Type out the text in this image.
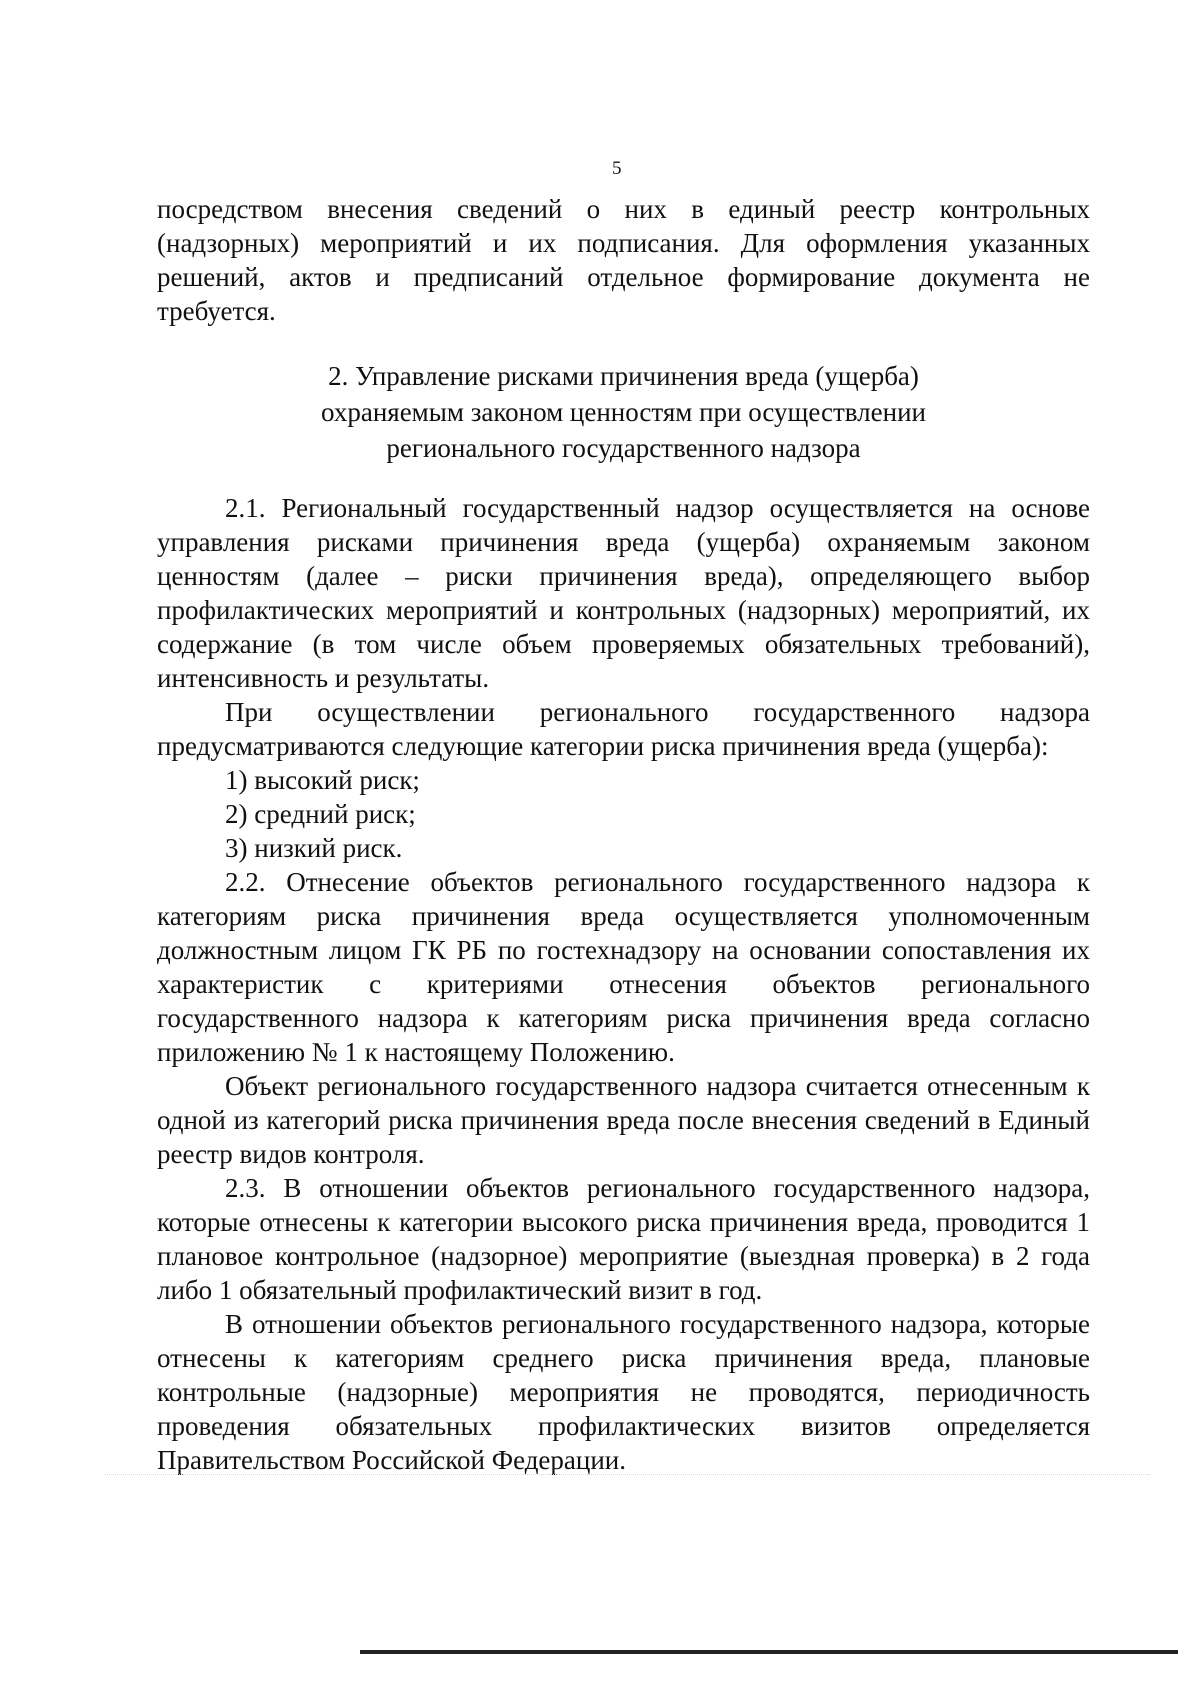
5

посредством внесения сведений о них в единый реестр контрольных (надзорных) мероприятий и их подписания. Для оформления указанных решений, актов и предписаний отдельное формирование документа не требуется.

2. Управление рисками причинения вреда (ущерба)
охраняемым законом ценностям при осуществлении
регионального государственного надзора

2.1. Региональный государственный надзор осуществляется на основе управления рисками причинения вреда (ущерба) охраняемым законом ценностям (далее – риски причинения вреда), определяющего выбор профилактических мероприятий и контрольных (надзорных) мероприятий, их содержание (в том числе объем проверяемых обязательных требований), интенсивность и результаты.

При осуществлении регионального государственного надзора предусматриваются следующие категории риска причинения вреда (ущерба):

1) высокий риск;

2) средний риск;

3) низкий риск.

2.2. Отнесение объектов регионального государственного надзора к категориям риска причинения вреда осуществляется уполномоченным должностным лицом ГК РБ по гостехнадзору на основании сопоставления их характеристик с критериями отнесения объектов регионального государственного надзора к категориям риска причинения вреда согласно приложению № 1 к настоящему Положению.

Объект регионального государственного надзора считается отнесенным к одной из категорий риска причинения вреда после внесения сведений в Единый реестр видов контроля.

2.3. В отношении объектов регионального государственного надзора, которые отнесены к категории высокого риска причинения вреда, проводится 1 плановое контрольное (надзорное) мероприятие (выездная проверка) в 2 года либо 1 обязательный профилактический визит в год.

В отношении объектов регионального государственного надзора, которые отнесены к категориям среднего риска причинения вреда, плановые контрольные (надзорные) мероприятия не проводятся, периодичность проведения обязательных профилактических визитов определяется Правительством Российской Федерации.
